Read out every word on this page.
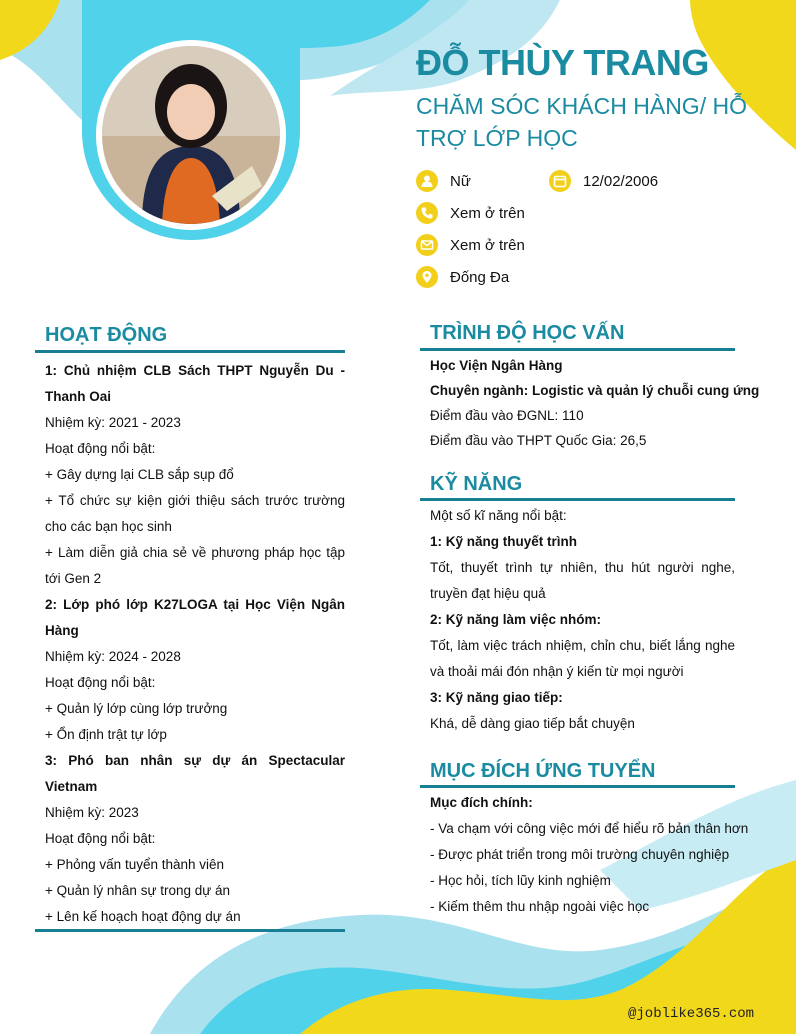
ĐỖ THÙY TRANG
CHĂM SÓC KHÁCH HÀNG/ HỖ TRỢ LỚP HỌC
Nữ	12/02/2006
Xem ở trên
Xem ở trên
Đống Đa
HOẠT ĐỘNG
1: Chủ nhiệm CLB Sách THPT Nguyễn Du - Thanh Oai
Nhiệm kỳ: 2021 - 2023
Hoạt động nổi bật:
+ Gây dựng lại CLB sắp sụp đổ
+ Tổ chức sự kiện giới thiệu sách trước trường cho các bạn học sinh
+ Làm diễn giả chia sẻ về phương pháp học tập tới Gen 2
2: Lớp phó lớp K27LOGA tại Học Viện Ngân Hàng
Nhiệm kỳ: 2024 - 2028
Hoạt động nổi bật:
+ Quản lý lớp cùng lớp trưởng
+ Ổn định trật tự lớp
3: Phó ban nhân sự dự án Spectacular Vietnam
Nhiệm kỳ: 2023
Hoạt động nổi bật:
+ Phỏng vấn tuyển thành viên
+ Quản lý nhân sự trong dự án
+ Lên kế hoạch hoạt động dự án
TRÌNH ĐỘ HỌC VẤN
Học Viện Ngân Hàng
Chuyên ngành: Logistic và quản lý chuỗi cung ứng
Điểm đầu vào ĐGNL: 110
Điểm đầu vào THPT Quốc Gia: 26,5
KỸ NĂNG
Một số kĩ năng nổi bật:
1: Kỹ năng thuyết trình
Tốt, thuyết trình tự nhiên, thu hút người nghe, truyền đạt hiệu quả
2: Kỹ năng làm việc nhóm:
Tốt, làm việc trách nhiệm, chỉn chu, biết lắng nghe và thoải mái đón nhận ý kiến từ mọi người
3: Kỹ năng giao tiếp:
Khá, dễ dàng giao tiếp bắt chuyện
MỤC ĐÍCH ỨNG TUYỂN
Mục đích chính:
- Va chạm với công việc mới để hiểu rõ bản thân hơn
- Được phát triển trong môi trường chuyên nghiệp
- Học hỏi, tích lũy kinh nghiệm
- Kiếm thêm thu nhập ngoài việc học
@joblike365.com
